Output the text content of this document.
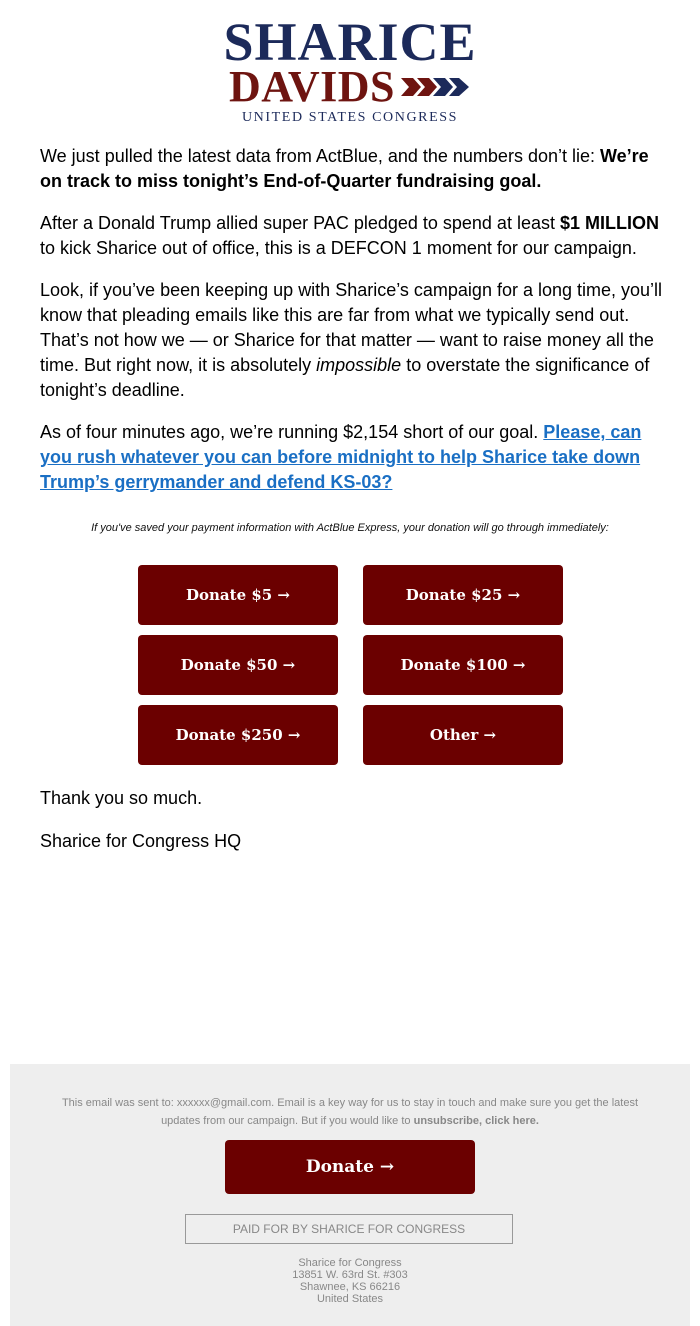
SHARICE
DAVIDS
UNITED STATES CONGRESS

We just pulled the latest data from ActBlue, and the numbers don’t lie: We’re on track to miss tonight’s End-of-Quarter fundraising goal.

After a Donald Trump allied super PAC pledged to spend at least $1 MILLION to kick Sharice out of office, this is a DEFCON 1 moment for our campaign.

Look, if you’ve been keeping up with Sharice’s campaign for a long time, you’ll know that pleading emails like this are far from what we typically send out. That’s not how we — or Sharice for that matter — want to raise money all the time. But right now, it is absolutely impossible to overstate the significance of tonight’s deadline.

As of four minutes ago, we’re running $2,154 short of our goal. Please, can you rush whatever you can before midnight to help Sharice take down Trump’s gerrymander and defend KS-03?

If you've saved your payment information with ActBlue Express, your donation will go through immediately:
Donate $5 →	Donate $25 →
Donate $50 →	Donate $100 →
Donate $250 →	Other →
Thank you so much.
Sharice for Congress HQ
This email was sent to: xxxxxx@gmail.com. Email is a key way for us to stay in touch and make sure you get the latest updates from our campaign. But if you would like to unsubscribe, click here.
Donate →
PAID FOR BY SHARICE FOR CONGRESS
Sharice for Congress
13851 W. 63rd St. #303
Shawnee, KS 66216
United States
